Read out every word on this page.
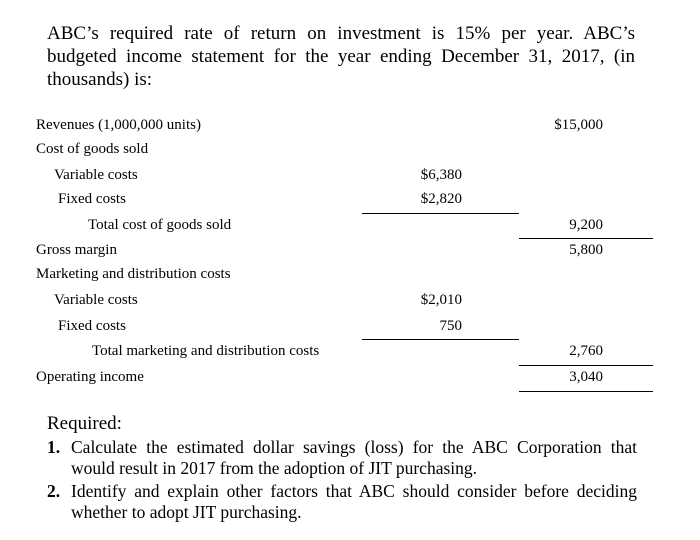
ABC’s required rate of return on investment is 15% per year. ABC’s budgeted income statement for the year ending December 31, 2017, (in thousands) is:

Revenues (1,000,000 units)	$15,000
Cost of goods sold
Variable costs	$6,380
Fixed costs	$2,820
Total cost of goods sold	9,200
Gross margin	5,800
Marketing and distribution costs
Variable costs	$2,010
Fixed costs	750
Total marketing and distribution costs	2,760
Operating income	3,040

Required:

1. Calculate the estimated dollar savings (loss) for the ABC Corporation that would result in 2017 from the adoption of JIT purchasing.
2. Identify and explain other factors that ABC should consider before deciding whether to adopt JIT purchasing.
